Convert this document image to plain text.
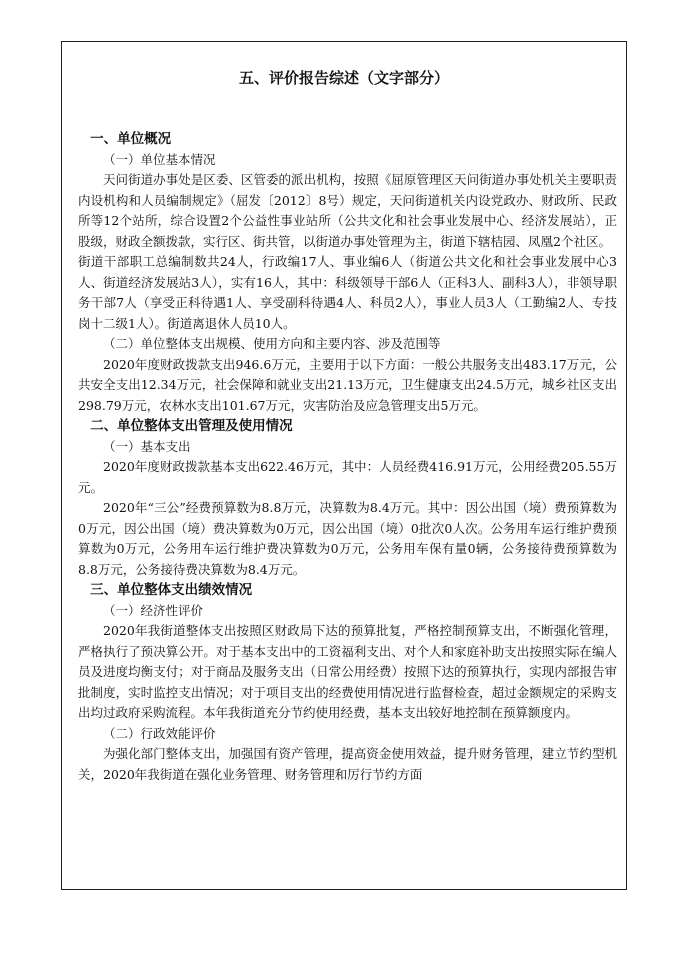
五、评价报告综述（文字部分）

一、单位概况

（一）单位基本情况

天问街道办事处是区委、区管委的派出机构，按照《屈原管理区天问街道办事处机关主要职责内设机构和人员编制规定》（屈发〔2012〕8号）规定，天问街道机关内设党政办、财政所、民政所等12个站所，综合设置2个公益性事业站所（公共文化和社会事业发展中心、经济发展站），正股级，财政全额拨款，实行区、街共管，以街道办事处管理为主，街道下辖桔园、凤凰2个社区。

街道干部职工总编制数共24人，行政编17人、事业编6人（街道公共文化和社会事业发展中心3人、街道经济发展站3人），实有16人，其中：科级领导干部6人（正科3人、副科3人），非领导职务干部7人（享受正科待遇1人、享受副科待遇4人、科员2人），事业人员3人（工勤编2人、专技岗十二级1人）。街道离退休人员10人。

（二）单位整体支出规模、使用方向和主要内容、涉及范围等

2020年度财政拨款支出946.6万元，主要用于以下方面：一般公共服务支出483.17万元，公共安全支出12.34万元，社会保障和就业支出21.13万元，卫生健康支出24.5万元，城乡社区支出298.79万元，农林水支出101.67万元，灾害防治及应急管理支出5万元。

二、单位整体支出管理及使用情况

（一）基本支出

2020年度财政拨款基本支出622.46万元，其中：人员经费416.91万元，公用经费205.55万元。

2020年“三公”经费预算数为8.8万元，决算数为8.4万元。其中：因公出国（境）费预算数为0万元，因公出国（境）费决算数为0万元，因公出国（境）0批次0人次。公务用车运行维护费预算数为0万元，公务用车运行维护费决算数为0万元，公务用车保有量0辆，公务接待费预算数为8.8万元，公务接待费决算数为8.4万元。

三、单位整体支出绩效情况

（一）经济性评价

2020年我街道整体支出按照区财政局下达的预算批复，严格控制预算支出，不断强化管理，严格执行了预决算公开。对于基本支出中的工资福利支出、对个人和家庭补助支出按照实际在编人员及进度均衡支付；对于商品及服务支出（日常公用经费）按照下达的预算执行，实现内部报告审批制度，实时监控支出情况；对于项目支出的经费使用情况进行监督检查，超过金额规定的采购支出均过政府采购流程。本年我街道充分节约使用经费，基本支出较好地控制在预算额度内。

（二）行政效能评价

为强化部门整体支出，加强国有资产管理，提高资金使用效益，提升财务管理，建立节约型机关，2020年我街道在强化业务管理、财务管理和厉行节约方面
